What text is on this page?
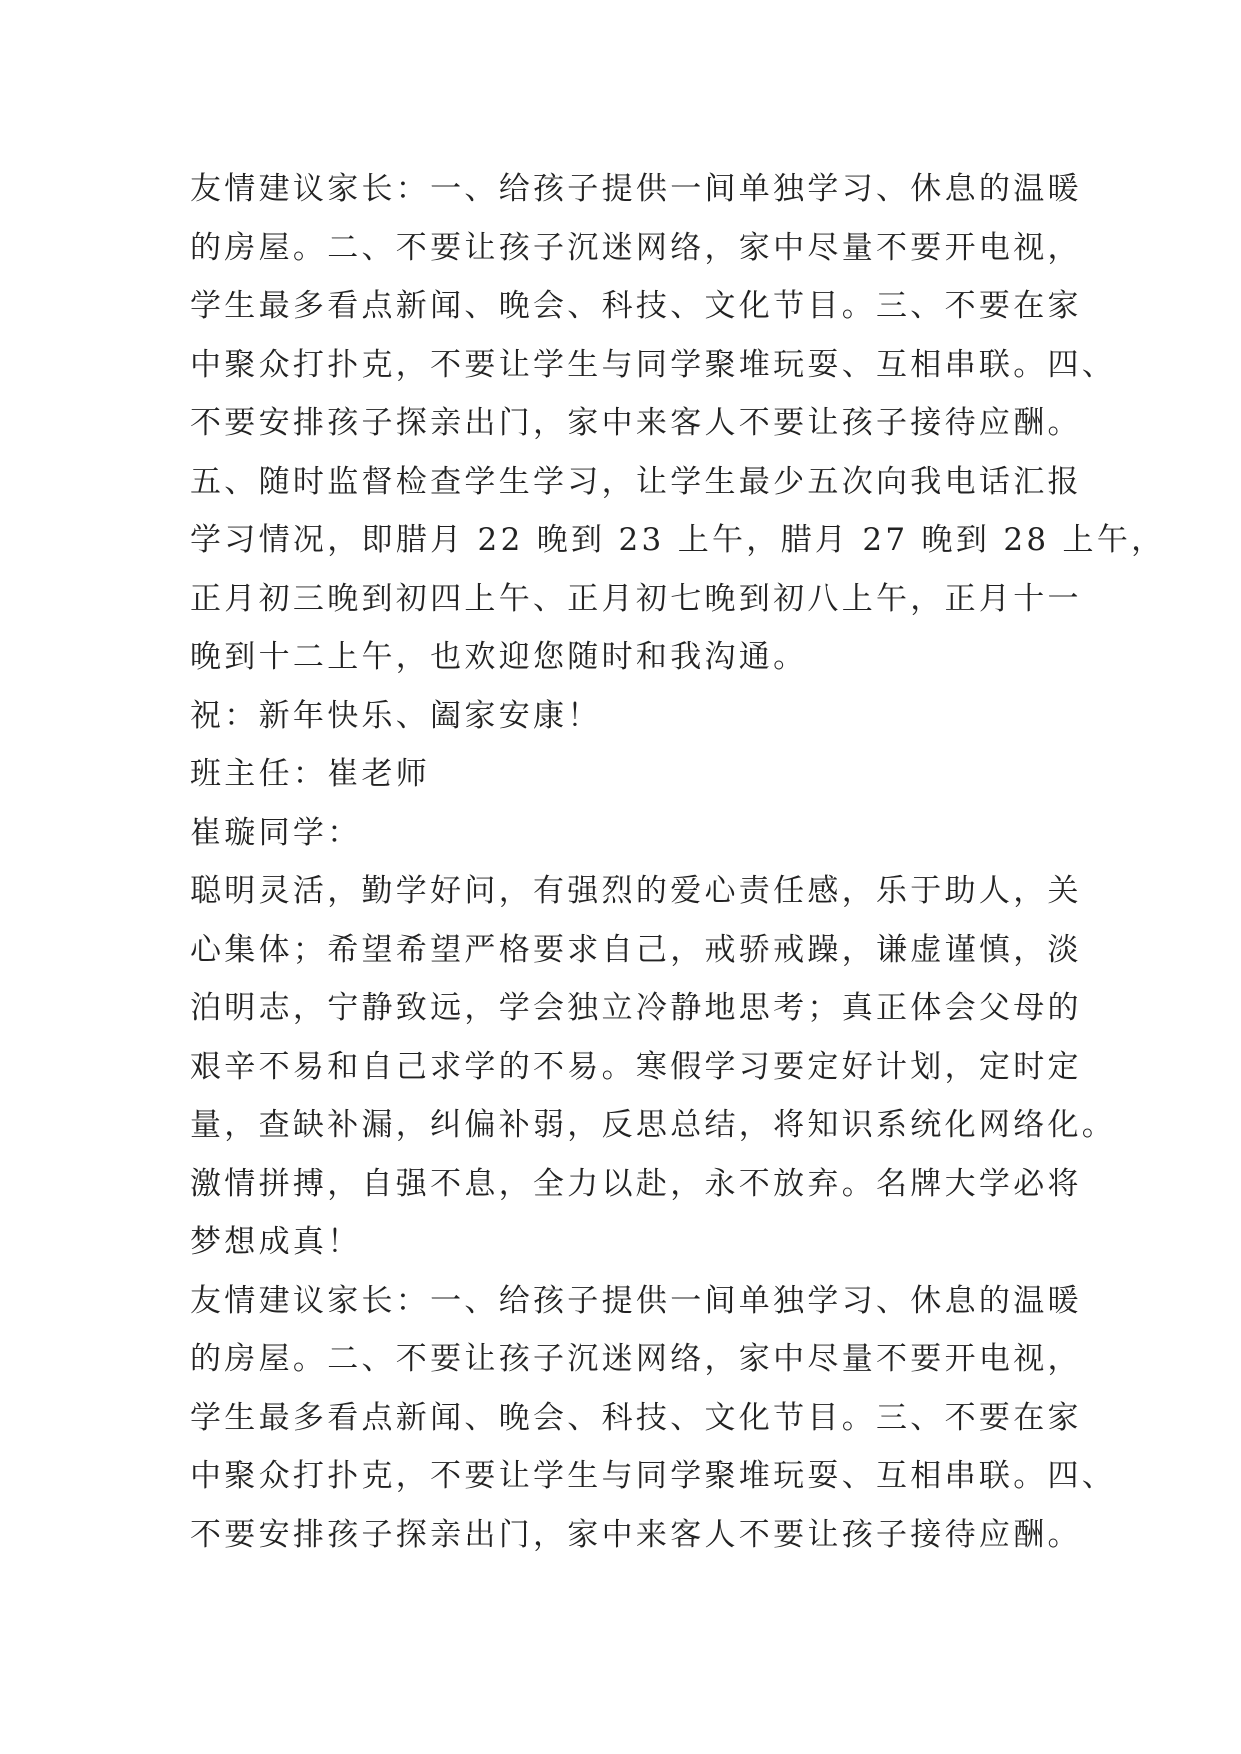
友情建议家长：一、给孩子提供一间单独学习、休息的温暖
的房屋。二、不要让孩子沉迷网络，家中尽量不要开电视，
学生最多看点新闻、晚会、科技、文化节目。三、不要在家
中聚众打扑克，不要让学生与同学聚堆玩耍、互相串联。四、
不要安排孩子探亲出门，家中来客人不要让孩子接待应酬。
五、随时监督检查学生学习，让学生最少五次向我电话汇报
学习情况，即腊月 22 晚到 23 上午，腊月 27 晚到 28 上午，
正月初三晚到初四上午、正月初七晚到初八上午，正月十一
晚到十二上午，也欢迎您随时和我沟通。
祝：新年快乐、阖家安康！
班主任：崔老师
崔璇同学：
聪明灵活，勤学好问，有强烈的爱心责任感，乐于助人，关
心集体；希望希望严格要求自己，戒骄戒躁，谦虚谨慎，淡
泊明志，宁静致远，学会独立冷静地思考；真正体会父母的
艰辛不易和自己求学的不易。寒假学习要定好计划，定时定
量，查缺补漏，纠偏补弱，反思总结，将知识系统化网络化。
激情拼搏，自强不息，全力以赴，永不放弃。名牌大学必将
梦想成真！
友情建议家长：一、给孩子提供一间单独学习、休息的温暖
的房屋。二、不要让孩子沉迷网络，家中尽量不要开电视，
学生最多看点新闻、晚会、科技、文化节目。三、不要在家
中聚众打扑克，不要让学生与同学聚堆玩耍、互相串联。四、
不要安排孩子探亲出门，家中来客人不要让孩子接待应酬。
